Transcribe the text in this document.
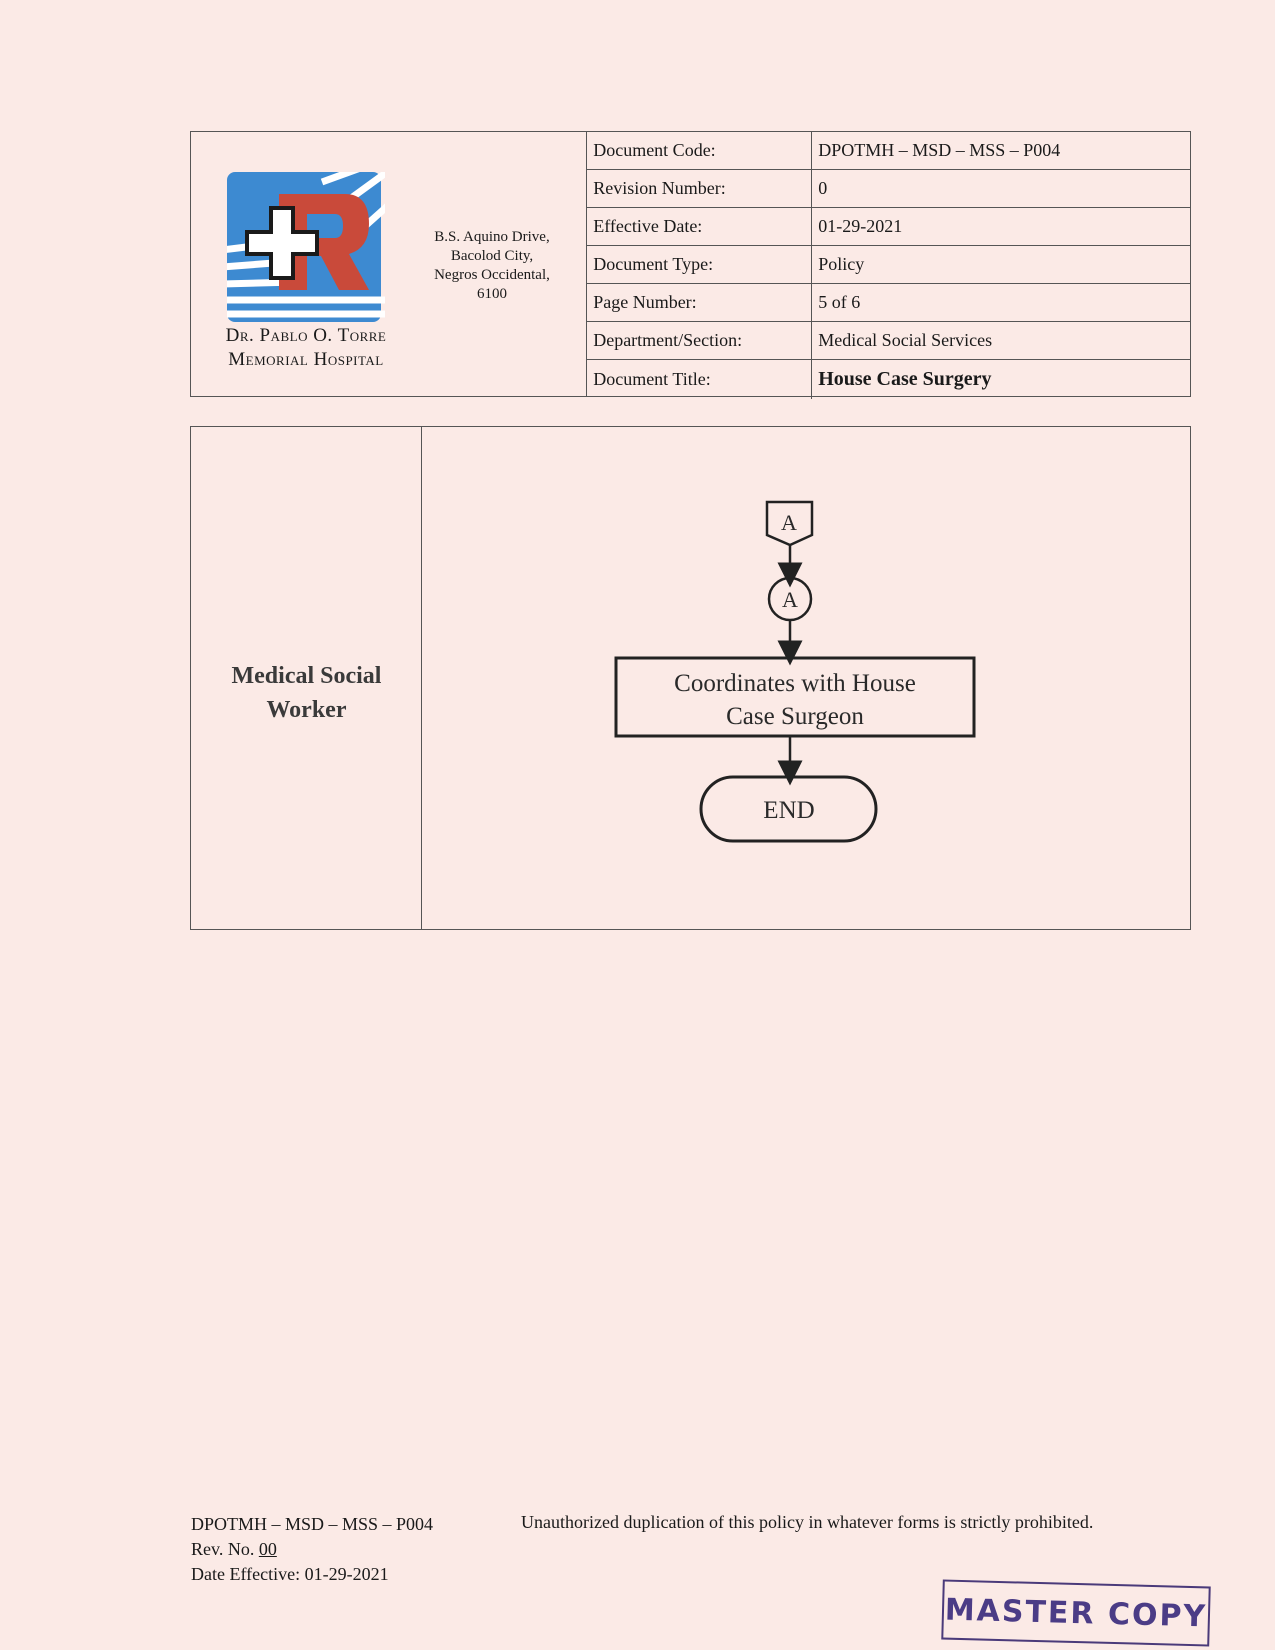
Dr. Pablo O. Torre
Memorial Hospital
B.S. Aquino Drive,
Bacolod City,
Negros Occidental,
6100
Document Code:	DPOTMH – MSD – MSS – P004
Revision Number:	0
Effective Date:	01-29-2021
Document Type:	Policy
Page Number:	5 of 6
Department/Section:	Medical Social Services
Document Title:	House Case Surgery
Medical Social
Worker
A
A
Coordinates with House
Case Surgeon
END
DPOTMH – MSD – MSS – P004
Rev. No. 00
Date Effective: 01-29-2021
Unauthorized duplication of this policy in whatever forms is strictly prohibited.
MASTER COPY
